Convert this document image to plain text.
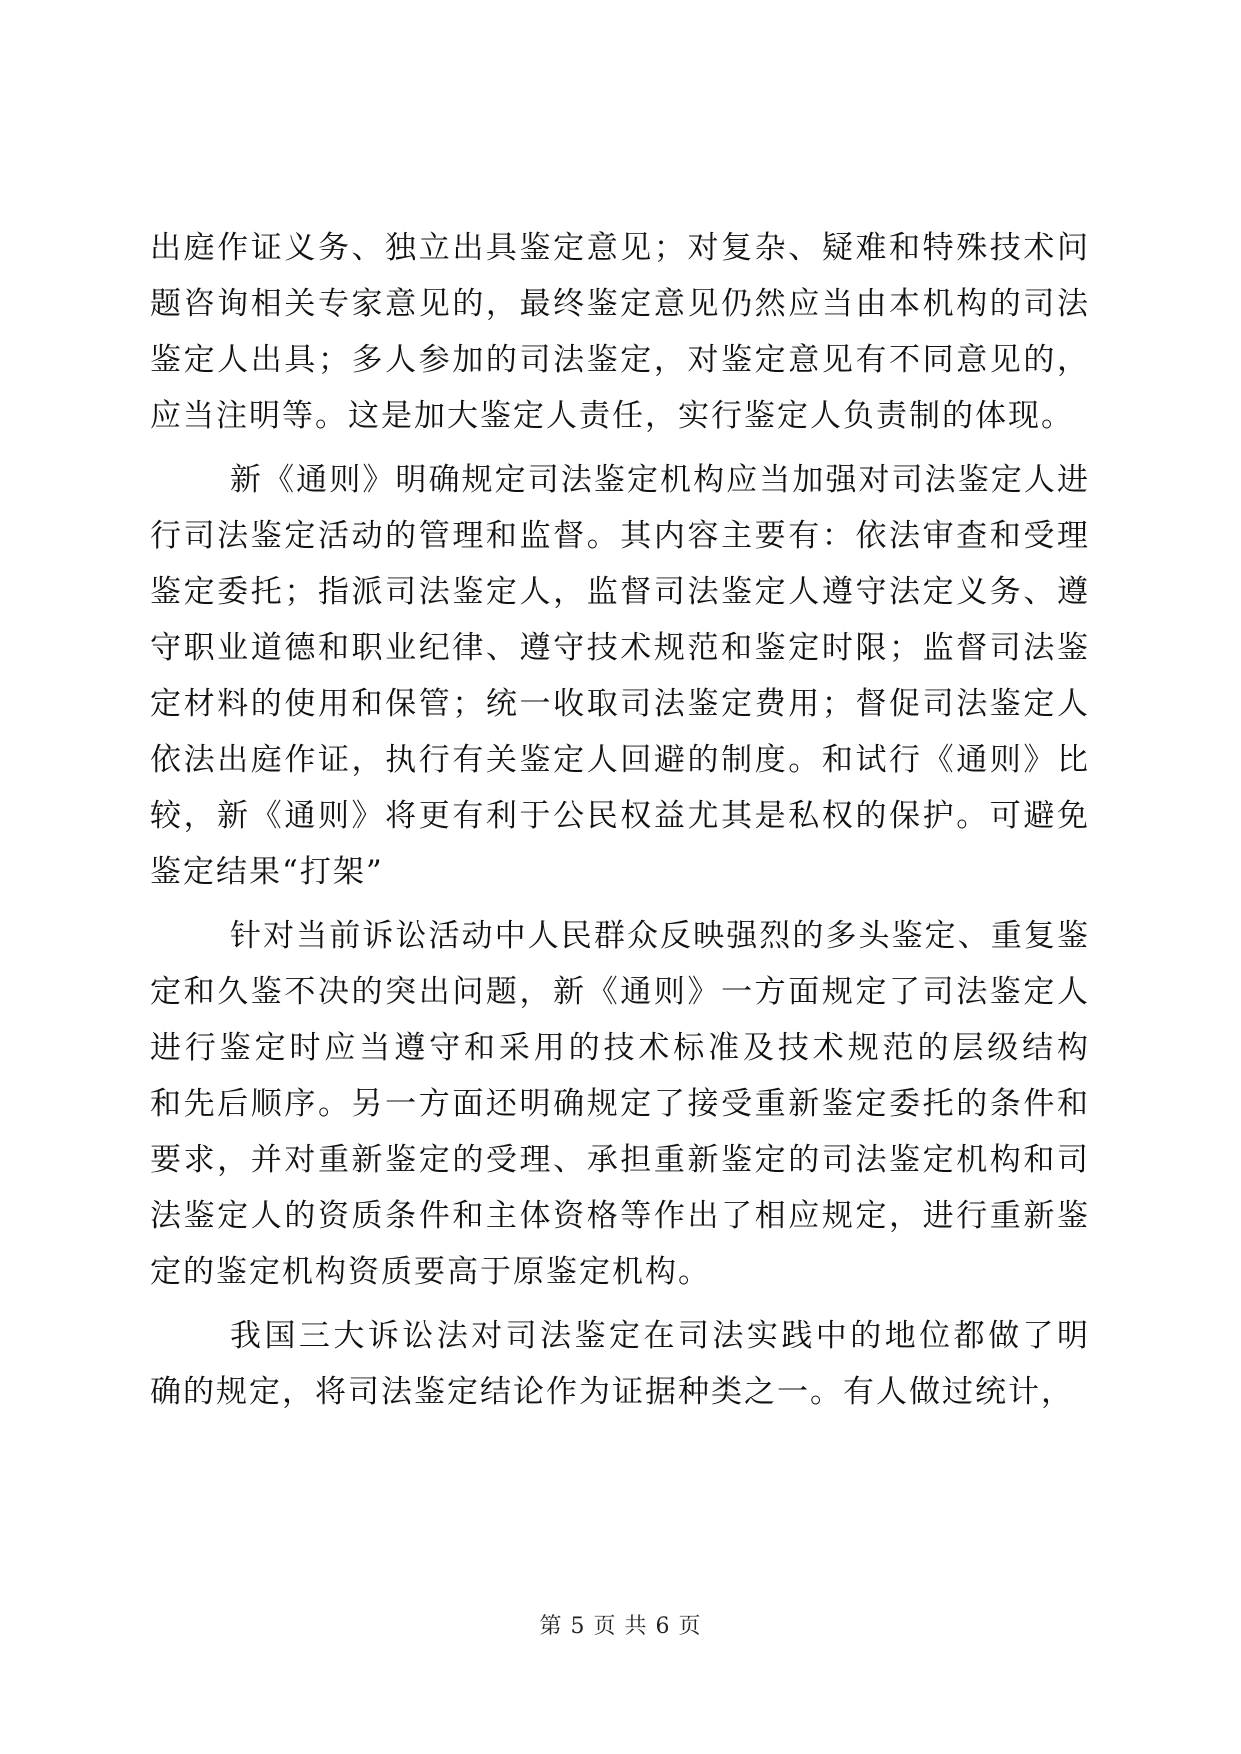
出庭作证义务、独立出具鉴定意见；对复杂、疑难和特殊技术问
题咨询相关专家意见的，最终鉴定意见仍然应当由本机构的司法
鉴定人出具；多人参加的司法鉴定，对鉴定意见有不同意见的，
应当注明等。这是加大鉴定人责任，实行鉴定人负责制的体现。
新《通则》明确规定司法鉴定机构应当加强对司法鉴定人进
行司法鉴定活动的管理和监督。其内容主要有：依法审查和受理
鉴定委托；指派司法鉴定人，监督司法鉴定人遵守法定义务、遵
守职业道德和职业纪律、遵守技术规范和鉴定时限；监督司法鉴
定材料的使用和保管；统一收取司法鉴定费用；督促司法鉴定人
依法出庭作证，执行有关鉴定人回避的制度。和试行《通则》比
较，新《通则》将更有利于公民权益尤其是私权的保护。可避免
鉴定结果“打架”
针对当前诉讼活动中人民群众反映强烈的多头鉴定、重复鉴
定和久鉴不决的突出问题，新《通则》一方面规定了司法鉴定人
进行鉴定时应当遵守和采用的技术标准及技术规范的层级结构
和先后顺序。另一方面还明确规定了接受重新鉴定委托的条件和
要求，并对重新鉴定的受理、承担重新鉴定的司法鉴定机构和司
法鉴定人的资质条件和主体资格等作出了相应规定，进行重新鉴
定的鉴定机构资质要高于原鉴定机构。
我国三大诉讼法对司法鉴定在司法实践中的地位都做了明
确的规定，将司法鉴定结论作为证据种类之一。有人做过统计，
第 5 页 共 6 页
